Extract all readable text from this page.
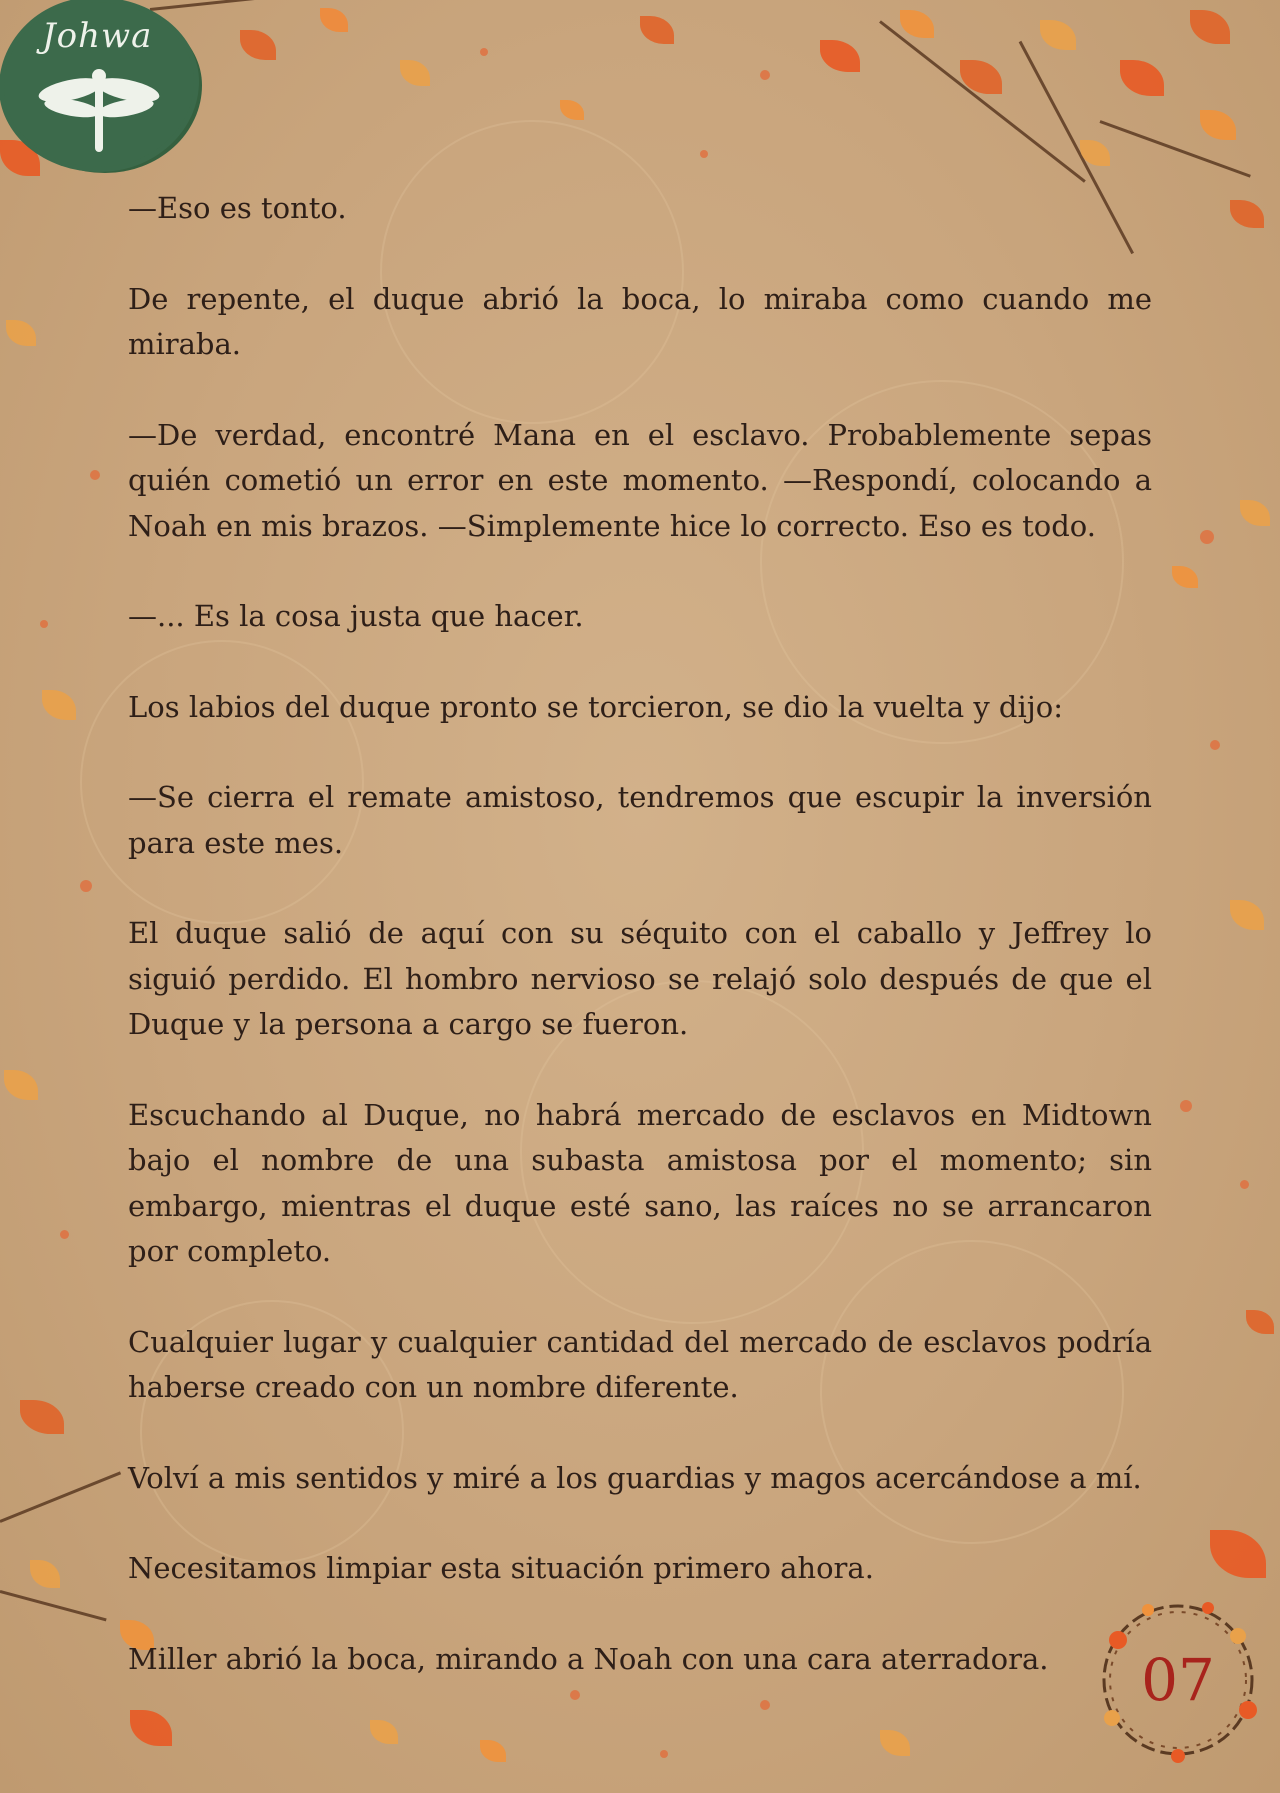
Johwa

—Eso es tonto.

De repente, el duque abrió la boca, lo miraba como cuando me miraba.

—De verdad, encontré Mana en el esclavo. Probablemente sepas quién cometió un error en este momento. —Respondí, colocando a Noah en mis brazos. —Simplemente hice lo correcto. Eso es todo.

—... Es la cosa justa que hacer.

Los labios del duque pronto se torcieron, se dio la vuelta y dijo:

—Se cierra el remate amistoso, tendremos que escupir la inversión para este mes.

El duque salió de aquí con su séquito con el caballo y Jeffrey lo siguió perdido. El hombro nervioso se relajó solo después de que el Duque y la persona a cargo se fueron.

Escuchando al Duque, no habrá mercado de esclavos en Midtown bajo el nombre de una subasta amistosa por el momento; sin embargo, mientras el duque esté sano, las raíces no se arrancaron por completo.

Cualquier lugar y cualquier cantidad del mercado de esclavos podría haberse creado con un nombre diferente.

Volví a mis sentidos y miré a los guardias y magos acercándose a mí.

Necesitamos limpiar esta situación primero ahora.

Miller abrió la boca, mirando a Noah con una cara aterradora.	07
